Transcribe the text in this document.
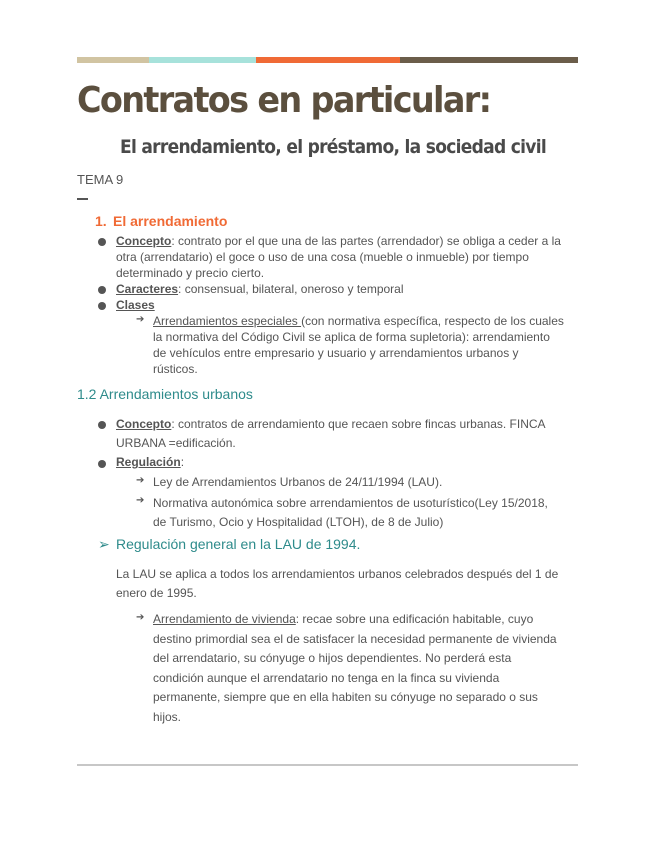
Contratos en particular:
El arrendamiento, el préstamo, la sociedad civil
TEMA 9
1. El arrendamiento
Concepto: contrato por el que una de las partes (arrendador) se obliga a ceder a la
otra (arrendatario) el goce o uso de una cosa (mueble o inmueble) por tiempo
determinado y precio cierto.
Caracteres: consensual, bilateral, oneroso y temporal
Clases
➔ Arrendamientos especiales (con normativa específica, respecto de los cuales
la normativa del Código Civil se aplica de forma supletoria): arrendamiento
de vehículos entre empresario y usuario y arrendamientos urbanos y
rústicos.
1.2 Arrendamientos urbanos
Concepto: contratos de arrendamiento que recaen sobre fincas urbanas. FINCA
URBANA =edificación.
Regulación:
➔ Ley de Arrendamientos Urbanos de 24/11/1994 (LAU).
➔ Normativa autonómica sobre arrendamientos de usoturístico(Ley 15/2018,
de Turismo, Ocio y Hospitalidad (LTOH), de 8 de Julio)
➢ Regulación general en la LAU de 1994.
La LAU se aplica a todos los arrendamientos urbanos celebrados después del 1 de
enero de 1995.
➔ Arrendamiento de vivienda: recae sobre una edificación habitable, cuyo
destino primordial sea el de satisfacer la necesidad permanente de vivienda
del arrendatario, su cónyuge o hijos dependientes. No perderá esta
condición aunque el arrendatario no tenga en la finca su vivienda
permanente, siempre que en ella habiten su cónyuge no separado o sus
hijos.
